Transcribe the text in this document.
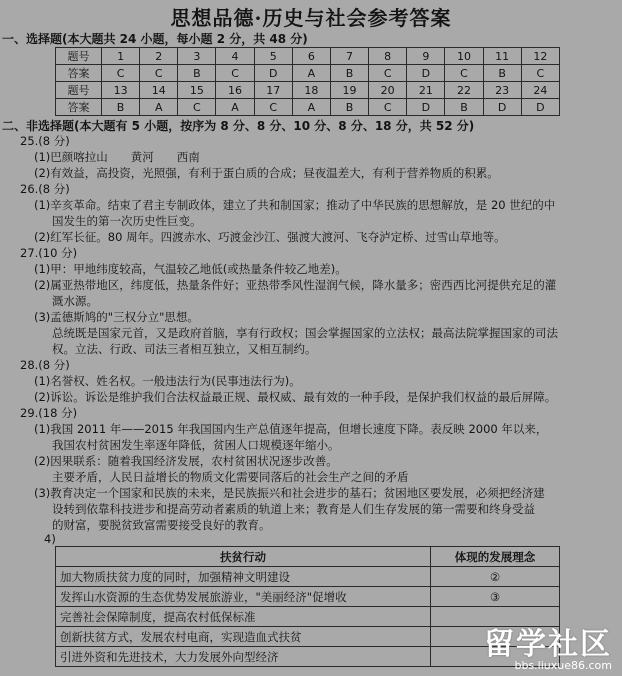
思想品德·历史与社会参考答案
一、选择题(本大题共 24 小题，每小题 2 分，共 48 分)
题号	1	2	3	4	5	6	7	8	9	10	11	12
答案	C	C	B	C	D	A	B	C	D	C	B	C
题号	13	14	15	16	17	18	19	20	21	22	23	24
答案	B	A	C	A	C	A	B	C	D	B	D	D
二、非选择题(本大题有 5 小题，按序为 8 分、8 分、10 分、8 分、18 分，共 52 分)
25.(8 分)
(1)巴颜喀拉山　　黄河　　西南
(2)有效益，高投资，光照强，有利于蛋白质的合成；昼夜温差大，有利于营养物质的积累。
26.(8 分)
(1)辛亥革命。结束了君主专制政体，建立了共和制国家；推动了中华民族的思想解放，是 20 世纪的中
国发生的第一次历史性巨变。
(2)红军长征。80 周年。四渡赤水、巧渡金沙江、强渡大渡河、飞夺泸定桥、过雪山草地等。
27.(10 分)
(1)甲：甲地纬度较高，气温较乙地低(或热量条件较乙地差)。
(2)属亚热带地区，纬度低，热量条件好；亚热带季风性湿润气候，降水量多；密西西比河提供充足的灌
溉水源。
(3)孟德斯鸠的"三权分立"思想。
总统既是国家元首，又是政府首脑，享有行政权；国会掌握国家的立法权；最高法院掌握国家的司法
权。立法、行政、司法三者相互独立，又相互制约。
28.(8 分)
(1)名誉权、姓名权。一般违法行为(民事违法行为)。
(2)诉讼。诉讼是维护我们合法权益最正规、最权威、最有效的一种手段，是保护我们权益的最后屏障。
29.(18 分)
(1)我国 2011 年——2015 年我国国内生产总值逐年提高，但增长速度下降。表反映 2000 年以来，
我国农村贫困发生率逐年降低，贫困人口规模逐年缩小。
(2)因果联系：随着我国经济发展，农村贫困状况逐步改善。
主要矛盾，人民日益增长的物质文化需要同落后的社会生产之间的矛盾
(3)教育决定一个国家和民族的未来，是民族振兴和社会进步的基石；贫困地区要发展，必须把经济建
设转到依靠科技进步和提高劳动者素质的轨道上来；教育是人们生存发展的第一需要和终身受益
的财富，要脱贫致富需要接受良好的教育。
4)
扶贫行动	体现的发展理念
加大物质扶贫力度的同时，加强精神文明建设	②
发挥山水资源的生态优势发展旅游业，"美丽经济"促增收	③
完善社会保障制度，提高农村低保标准	
创新扶贫方式，发展农村电商，实现造血式扶贫	
引进外资和先进技术，大力发展外向型经济		留学社区
bbs.liuxue86.com
